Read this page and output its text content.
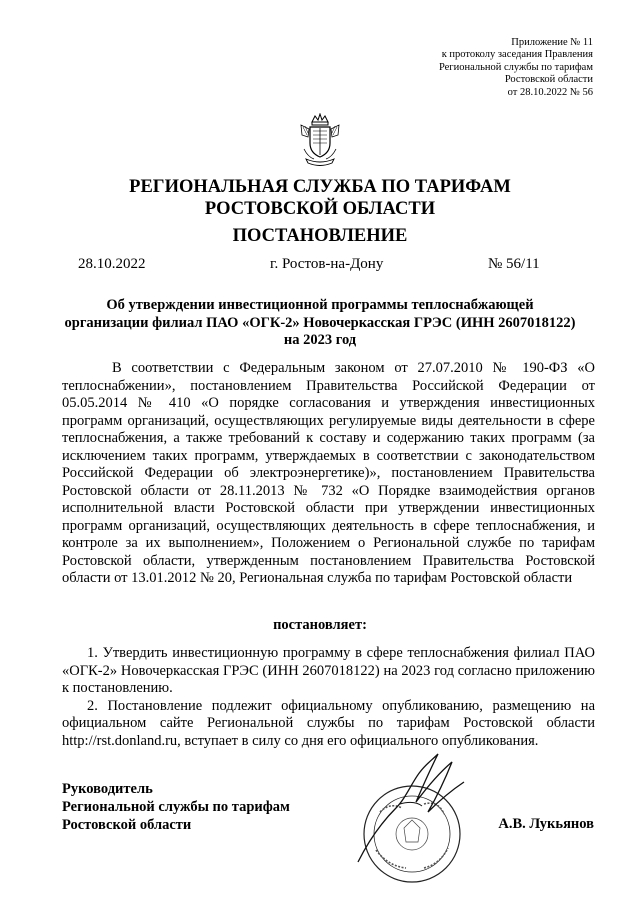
Приложение № 11
к протоколу заседания Правления
Региональной службы по тарифам
Ростовской области
от 28.10.2022 № 56
РЕГИОНАЛЬНАЯ СЛУЖБА ПО ТАРИФАМ
РОСТОВСКОЙ ОБЛАСТИ
ПОСТАНОВЛЕНИЕ
28.10.2022	г. Ростов-на-Дону	№ 56/11
Об утверждении инвестиционной программы теплоснабжающей
организации филиал ПАО «ОГК-2» Новочеркасская ГРЭС (ИНН 2607018122)
на 2023 год
В соответствии с Федеральным законом от 27.07.2010 № 190-ФЗ «О теплоснабжении», постановлением Правительства Российской Федерации от 05.05.2014 № 410 «О порядке согласования и утверждения инвестиционных программ организаций, осуществляющих регулируемые виды деятельности в сфере теплоснабжения, а также требований к составу и содержанию таких программ (за исключением таких программ, утверждаемых в соответствии с законодательством Российской Федерации об электроэнергетике)», постановлением Правительства Ростовской области от 28.11.2013 № 732 «О Порядке взаимодействия органов исполнительной власти Ростовской области при утверждении инвестиционных программ организаций, осуществляющих деятельность в сфере теплоснабжения, и контроле за их выполнением», Положением о Региональной службе по тарифам Ростовской области, утвержденным постановлением Правительства Ростовской области от 13.01.2012 № 20, Региональная служба по тарифам Ростовской области
постановляет:

1. Утвердить инвестиционную программу в сфере теплоснабжения филиал ПАО «ОГК-2» Новочеркасская ГРЭС (ИНН 2607018122) на 2023 год согласно приложению к постановлению.

2. Постановление подлежит официальному опубликованию, размещению на официальном сайте Региональной службы по тарифам Ростовской области http://rst.donland.ru, вступает в силу со дня его официального опубликования.

Руководитель
Региональной службы по тарифам
Ростовской области	А.В. Лукьянов
